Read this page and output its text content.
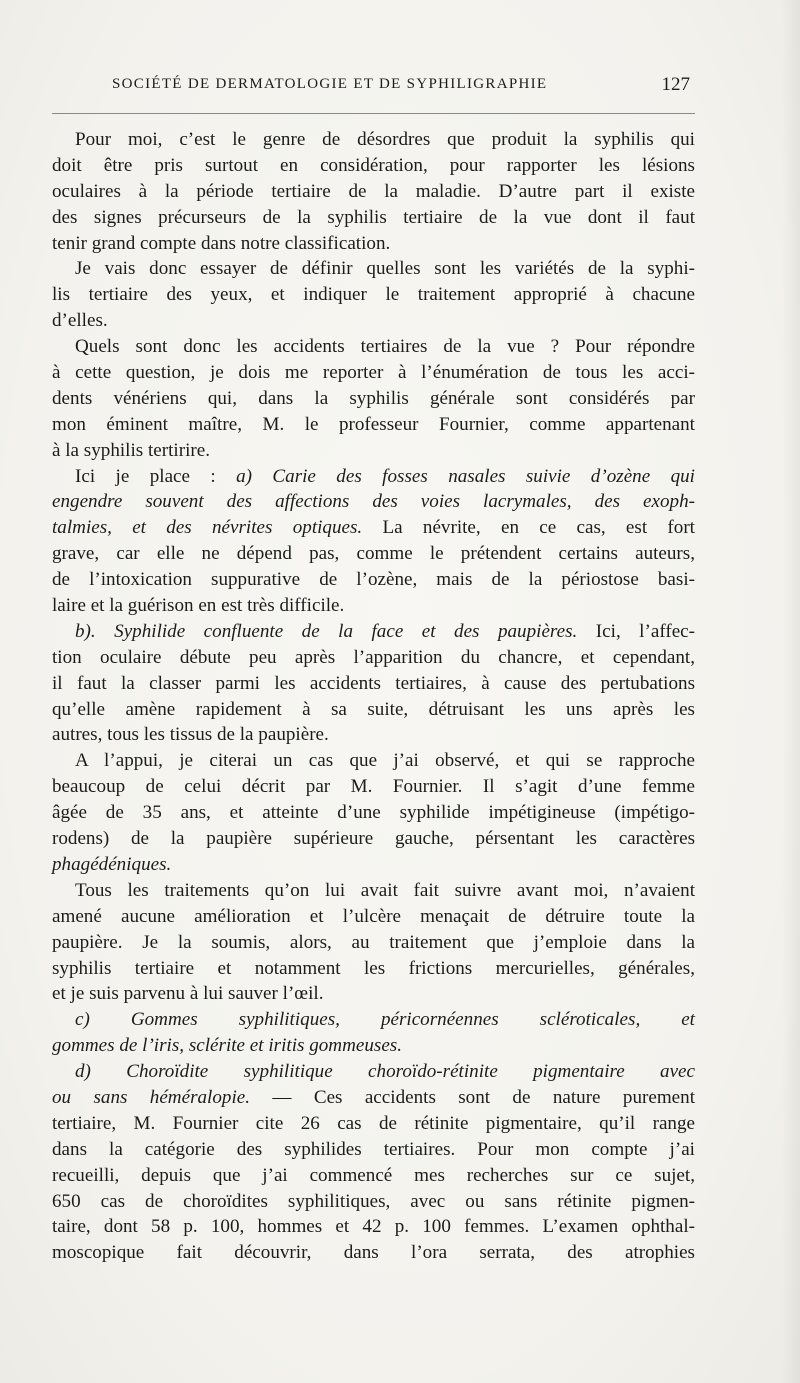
SOCIÉTÉ DE DERMATOLOGIE ET DE SYPHILIGRAPHIE	127
Pour moi, c’est le genre de désordres que produit la syphilis qui
doit être pris surtout en considération, pour rapporter les lésions
oculaires à la période tertiaire de la maladie. D’autre part il existe
des signes précurseurs de la syphilis tertiaire de la vue dont il faut
tenir grand compte dans notre classification.
Je vais donc essayer de définir quelles sont les variétés de la syphi-
lis tertiaire des yeux, et indiquer le traitement approprié à chacune
d’elles.
Quels sont donc les accidents tertiaires de la vue ? Pour répondre
à cette question, je dois me reporter à l’énumération de tous les acci-
dents vénériens qui, dans la syphilis générale sont considérés par
mon éminent maître, M. le professeur Fournier, comme appartenant
à la syphilis tertirire.
Ici je place : a) Carie des fosses nasales suivie d’ozène qui
engendre souvent des affections des voies lacrymales, des exoph-
talmies, et des névrites optiques. La névrite, en ce cas, est fort
grave, car elle ne dépend pas, comme le prétendent certains auteurs,
de l’intoxication suppurative de l’ozène, mais de la périostose basi-
laire et la guérison en est très difficile.
b). Syphilide confluente de la face et des paupières. Ici, l’affec-
tion oculaire débute peu après l’apparition du chancre, et cependant,
il faut la classer parmi les accidents tertiaires, à cause des pertubations
qu’elle amène rapidement à sa suite, détruisant les uns après les
autres, tous les tissus de la paupière.
A l’appui, je citerai un cas que j’ai observé, et qui se rapproche
beaucoup de celui décrit par M. Fournier. Il s’agit d’une femme
âgée de 35 ans, et atteinte d’une syphilide impétigineuse (impétigo-
rodens) de la paupière supérieure gauche, pérsentant les caractères
phagédéniques.
Tous les traitements qu’on lui avait fait suivre avant moi, n’avaient
amené aucune amélioration et l’ulcère menaçait de détruire toute la
paupière. Je la soumis, alors, au traitement que j’emploie dans la
syphilis tertiaire et notamment les frictions mercurielles, générales,
et je suis parvenu à lui sauver l’œil.
c) Gommes syphilitiques, péricornéennes scléroticales, et
gommes de l’iris, sclérite et iritis gommeuses.
d) Choroïdite syphilitique choroïdo-rétinite pigmentaire avec
ou sans héméralopie. — Ces accidents sont de nature purement
tertiaire, M. Fournier cite 26 cas de rétinite pigmentaire, qu’il range
dans la catégorie des syphilides tertiaires. Pour mon compte j’ai
recueilli, depuis que j’ai commencé mes recherches sur ce sujet,
650 cas de choroïdites syphilitiques, avec ou sans rétinite pigmen-
taire, dont 58 p. 100, hommes et 42 p. 100 femmes. L’examen ophthal-
moscopique fait découvrir, dans l’ora serrata, des atrophies
